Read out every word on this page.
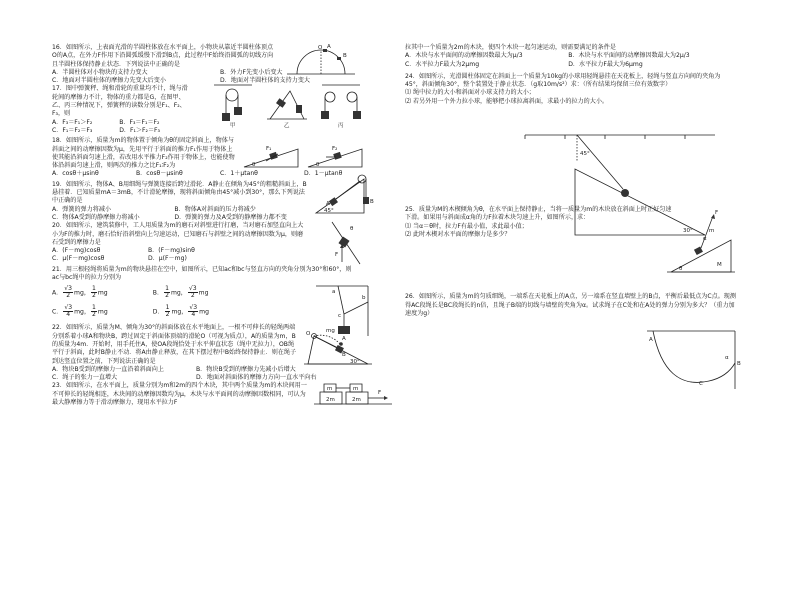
16．如图所示，上表面光滑的半圆柱体放在水平面上，小物块从靠近半圆柱体顶点O的A点，在外力F作用下沿圆弧缓慢下滑到B点，此过程中F始终沿圆弧的切线方向且半圆柱体保持静止状态．下列说法中正确的是

A．半圆柱体对小物块的支持力变大	B．外力F先变小后变大 C．地面对半圆柱体的摩擦力先变大后变小	D．地面对半圆柱体的支持力变大
O A
B

17．图中弹簧秤、绳和滑轮的重量均不计，绳与滑轮间的摩擦力不计，物体的重力都是G，在图甲、乙、丙三种情况下，弹簧秤的读数分别是F₁、F₂、F₃，则

A．F₃＝F₁＞F₂	B．F₃＝F₁＝F₂ C．F₁＝F₂＝F₃	D．F₁＞F₂＝F₃
甲	乙	丙

18．如图所示，质量为m的物体置于倾角为θ的固定斜面上，物体与斜面之间的动摩擦因数为μ，先用平行于斜面的推力F₁作用于物体上使其能沿斜面匀速上滑，若改用水平推力F₂作用于物体上，也能使物体沿斜面匀速上滑，则两次的推力之比F₁∶F₂为

A．cosθ＋μsinθ	B．cosθ－μsinθ	C．1＋μtanθ	D．1－μtanθ
F₁	F₂
θ	θ

19．如图所示，物体A、B用细绳与弹簧连接后跨过滑轮．A静止在倾角为45°的粗糙斜面上，B悬挂着．已知质量mA＝3mB，不计滑轮摩擦，现将斜面倾角由45°减小到30°，那么下列说法中正确的是

A．弹簧的弹力将减小	B．物体A对斜面的压力将减少 C．物体A受到的静摩擦力将减小	D．弹簧的弹力及A受到的静摩擦力都不变
A	B
45°

20．如图所示，建筑装修中，工人用质量为m的磨石对斜壁进行打磨，当对磨石加竖直向上大小为F的推力时，磨石恰好沿斜壁向上匀速运动，已知磨石与斜壁之间的动摩擦因数为μ，则磨石受到的摩擦力是

A．(F－mg)cosθ	B．(F－mg)sinθ C．μ(F－mg)cosθ	D．μ(F－mg)
F
θ

21．用三根轻绳将质量为m的物块悬挂在空中，如图所示，已知ac和bc与竖直方向的夹角分别为30°和60°，则ac与bc绳中的拉力分别为

A． $\frac{√3}{2}$ mg， $\frac{1}{2}$ mg	B． $\frac{1}{2}$ mg， $\frac{√3}{2}$ mg
C． $\frac{√3}{4}$ mg， $\frac{1}{2}$ mg	D． $\frac{1}{2}$ mg， $\frac{√3}{4}$ mg
a
b
c
mg

22．如图所示，质量为M、倾角为30°的斜面体放在水平地面上，一根不可伸长的轻绳两端分别系着小球A和物块B，跨过固定于斜面体顶端的滑轮O（可视为质点），A的质量为m，B的质量为4m．开始时，用手托住A，使OA段绳恰处于水平伸直状态（绳中无拉力），OB绳平行于斜面，此时B静止不动．将A由静止释放，在其下摆过程中B始终保持静止．则在绳子到达竖直位置之前，下列说法正确的是

A．物块B受到的摩擦力一直沿着斜面向上	B．物块B受到的摩擦力先减小后增大 C．绳子的张力一直增大	D．地面对斜面体的摩擦力方向一直水平向右
A
O
B
30°

23．如图所示，在水平面上，质量分别为m和2m的四个木块，其中两个质量为m的木块间用一不可伸长的轻绳相连，木块间的动摩擦因数均为μ，木块与水平面间的动摩擦因数相同，可认为最大静摩擦力等于滑动摩擦力，现用水平拉力F

m	m
2m	2m
F

拉其中一个质量为2m的木块，使四个木块一起匀速运动，则需要满足的条件是

A．木块与水平面间的动摩擦因数最大为μ/3	B．木块与水平面间的动摩擦因数最大为2μ/3 C．水平拉力F最大为2μmg	D．水平拉力F最大为6μmg

24．如图所示，光滑圆柱体固定在斜面上一个质量为10kg的小球用轻绳悬挂在天花板上，轻绳与竖直方向间的夹角为45°，斜面倾角30°，整个装置处于静止状态．（g取10m/s²）求：（所有结果均保留三位有效数字）

⑴ 绳中拉力的大小和斜面对小球支持力的大小；

⑵ 若另外用一个外力拉小球，能够把小球拉离斜面，求最小的拉力的大小。

45°
30°

25．质量为M的木楔倾角为θ，在水平面上保持静止，当将一质量为m的木块放在斜面上时正好匀速下滑。如果用与斜面成α角的力F拉着木块匀速上升，如图所示，求：

⑴ 当α＝θ时，拉力F有最小值，求此最小值；

⑵ 此时木楔对水平面的摩擦力是多少？	m
M
F
α
θ

26．如图所示，质量为m的匀质细绳，一端系在天花板上的A点，另一端系在竖直墙壁上的B点，平衡后最低点为C点。现测得AC段绳长是BC段绳长的n倍，且绳子B端的切线与墙壁的夹角为α。试求绳子在C处和在A处的弹力分别为多大？（重力加速度为g）

A
B
C
α
